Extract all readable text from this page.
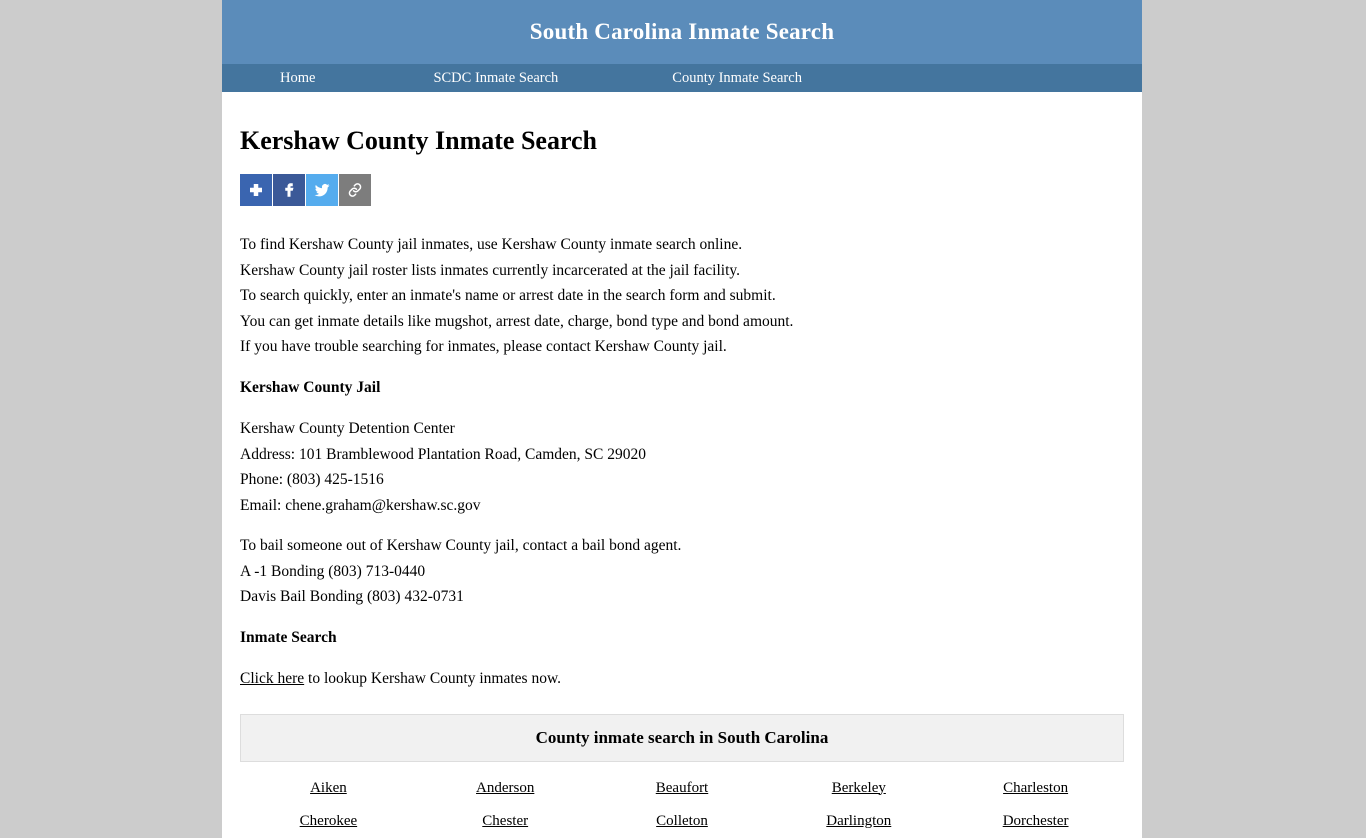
South Carolina Inmate Search
Home	SCDC Inmate Search	County Inmate Search
Kershaw County Inmate Search

To find Kershaw County jail inmates, use Kershaw County inmate search online.

Kershaw County jail roster lists inmates currently incarcerated at the jail facility.

To search quickly, enter an inmate's name or arrest date in the search form and submit.

You can get inmate details like mugshot, arrest date, charge, bond type and bond amount.

If you have trouble searching for inmates, please contact Kershaw County jail.

Kershaw County Jail

Kershaw County Detention Center

Address: 101 Bramblewood Plantation Road, Camden, SC 29020

Phone: (803) 425-1516

Email: chene.graham@kershaw.sc.gov

To bail someone out of Kershaw County jail, contact a bail bond agent.

A -1 Bonding (803) 713-0440

Davis Bail Bonding (803) 432-0731

Inmate Search

Click here to lookup Kershaw County inmates now.

County inmate search in South Carolina
Aiken	Anderson	Beaufort	Berkeley	Charleston
Cherokee	Chester	Colleton	Darlington	Dorchester
